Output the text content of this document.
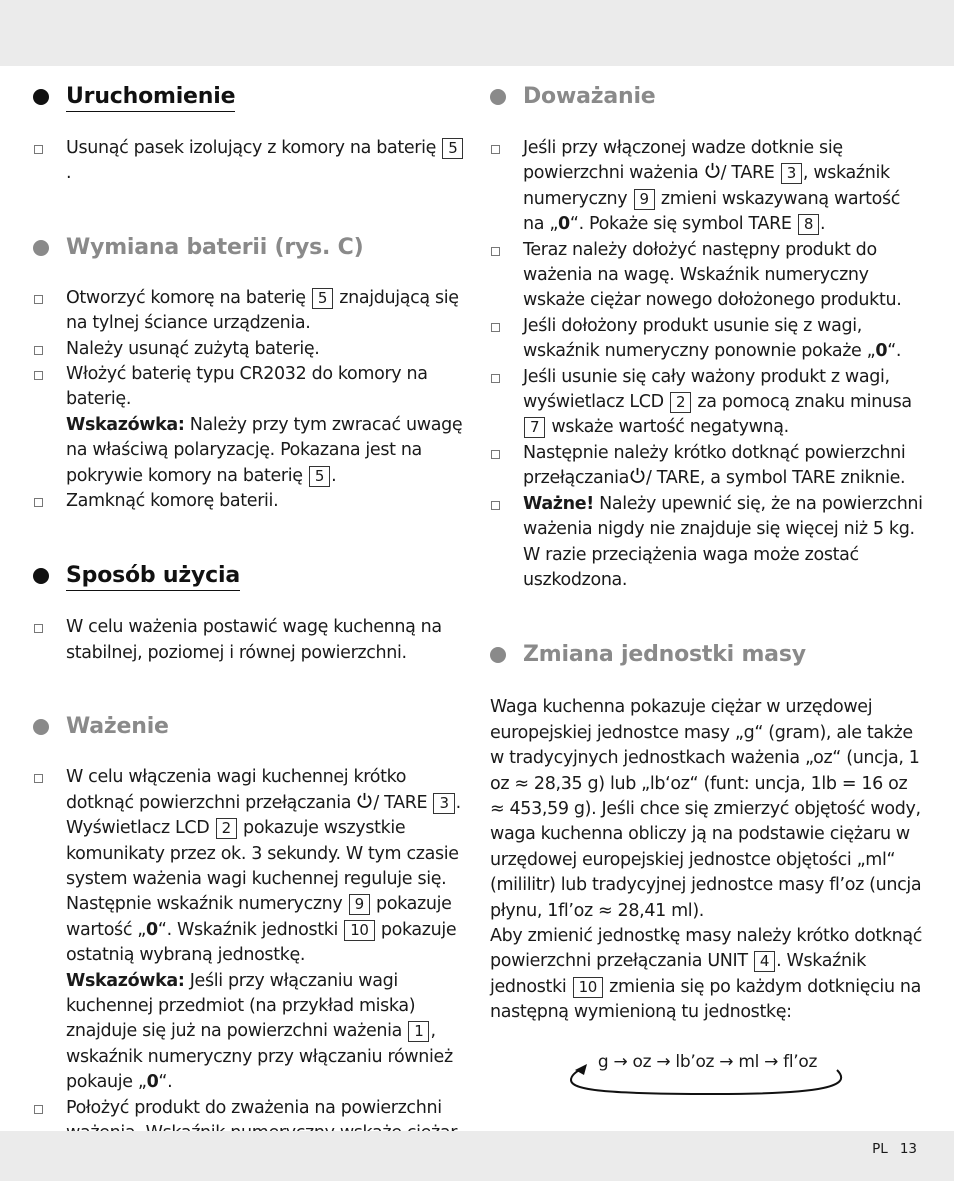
Uruchomienie
Usunąć pasek izolujący z komory na baterię 5.
Wymiana baterii (rys. C)
Otworzyć komorę na baterię 5 znajdującą się na tylnej ściance urządzenia.
Należy usunąć zużytą baterię.
Włożyć baterię typu CR2032 do komory na baterię.
Wskazówka: Należy przy tym zwracać uwagę na właściwą polaryzację. Pokazana jest na pokrywie komory na baterię 5 .
Zamknąć komorę baterii.
Sposób użycia
W celu ważenia postawić wagę kuchenną na stabilnej, poziomej i równej powierzchni.
Ważenie
W celu włączenia wagi kuchennej krótko dotknąć powierzchni przełączania / TARE 3 . Wyświetlacz LCD 2 pokazuje wszystkie komunikaty przez ok. 3 sekundy. W tym czasie system ważenia wagi kuchennej reguluje się. Następnie wskaźnik numeryczny 9 pokazuje wartość „0“. Wskaźnik jednostki 10 pokazuje ostatnią wybraną jednostkę.
Wskazówka: Jeśli przy włączaniu wagi kuchennej przedmiot (na przykład miska) znajduje się już na powierzchni ważenia 1 , wskaźnik numeryczny przy włączaniu również pokauje „0“.
Położyć produkt do zważenia na powierzchni
Doważanie
Jeśli przy włączonej wadze dotknie się powierzchni ważenia / TARE 3 , wskaźnik numeryczny 9 zmieni wskazywaną wartość na „0“. Pokaże się symbol TARE 8 .
Teraz należy dołożyć następny produkt do ważenia na wagę. Wskaźnik numeryczny wskaże ciężar nowego dołożonego produktu.
Jeśli dołożony produkt usunie się z wagi, wskaźnik numeryczny ponownie pokaże „0“.
Jeśli usunie się cały ważony produkt z wagi, wyświetlacz LCD 2 za pomocą znaku minusa 7 wskaże wartość negatywną.
Następnie należy krótko dotknąć powierzchni przełączania / TARE, a symbol TARE zniknie.
Ważne! Należy upewnić się, że na powierzchni ważenia nigdy nie znajduje się więcej niż 5 kg. W razie przeciążenia waga może zostać uszkodzona.
Zmiana jednostki masy

Waga kuchenna pokazuje ciężar w urzędowej europejskiej jednostce masy „g“ (gram), ale także w tradycyjnych jednostkach ważenia „oz“ (uncja, 1 oz ≈ 28,35 g) lub „lb‘oz“ (funt: uncja, 1lb = 16 oz ≈ 453,59 g). Jeśli chce się zmierzyć objętość wody, waga kuchenna obliczy ją na podstawie ciężaru w urzędowej europejskiej jednostce objętości „ml“ (mililitr) lub tradycyjnej jednostce masy fl’oz (uncja płynu, 1fl’oz ≈ 28,41 ml).
Aby zmienić jednostkę masy należy krótko dotknąć powierzchni przełączania UNIT 4 . Wskaźnik jednostki 10 zmienia się po każdym dotknięciu na następną wymienioną tu jednostkę:

g → oz → lb’oz → ml → fl’oz
PL 13
